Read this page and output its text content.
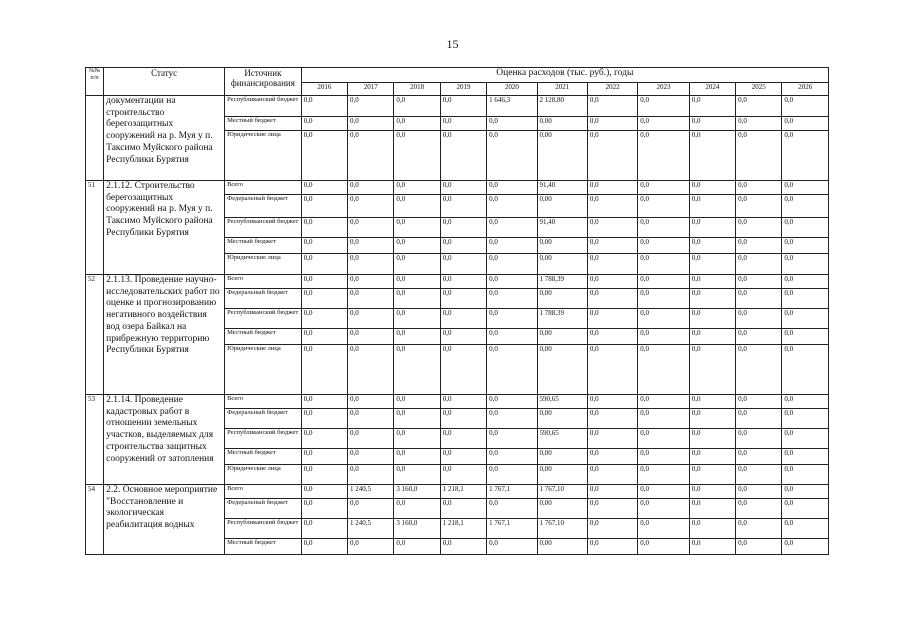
15
№№ п/п	Статус	Источник финансирования	Оценка расходов (тыс. руб.), годы										
			2016	2017	2018	2019	2020	2021	2022	2023	2024	2025	2026
	документации на строительство берегозащитных сооружений на р. Муя у п. Таксимо Муйского района Республики Бурятия	Республиканский бюджет	0,0	0,0	0,0	0,0	1 646,3	2 128,80	0,0	0,0	0,0	0,0	0,0
		Местный бюджет	0,0	0,0	0,0	0,0	0,0	0,00	0,0	0,0	0,0	0,0	0,0
		Юридические лица	0,0	0,0	0,0	0,0	0,0	0,00	0,0	0,0	0,0	0,0	0,0
51	2.1.12. Строительство берегозащитных сооружений на р. Муя у п. Таксимо Муйского района Республики Бурятия	Всего	0,0	0,0	0,0	0,0	0,0	91,40	0,0	0,0	0,0	0,0	0,0
		Федеральный бюджет	0,0	0,0	0,0	0,0	0,0	0,00	0,0	0,0	0,0	0,0	0,0
		Республиканский бюджет	0,0	0,0	0,0	0,0	0,0	91,40	0,0	0,0	0,0	0,0	0,0
		Местный бюджет	0,0	0,0	0,0	0,0	0,0	0,00	0,0	0,0	0,0	0,0	0,0
		Юридические лица	0,0	0,0	0,0	0,0	0,0	0,00	0,0	0,0	0,0	0,0	0,0
52	2.1.13. Проведение научно-исследовательских работ по оценке и прогнозированию негативного воздействия вод озера Байкал на прибрежную территорию Республики Бурятия	Всего	0,0	0,0	0,0	0,0	0,0	1 788,39	0,0	0,0	0,0	0,0	0,0
		Федеральный бюджет	0,0	0,0	0,0	0,0	0,0	0,00	0,0	0,0	0,0	0,0	0,0
		Республиканский бюджет	0,0	0,0	0,0	0,0	0,0	1 788,39	0,0	0,0	0,0	0,0	0,0
		Местный бюджет	0,0	0,0	0,0	0,0	0,0	0,00	0,0	0,0	0,0	0,0	0,0
		Юридические лица	0,0	0,0	0,0	0,0	0,0	0,00	0,0	0,0	0,0	0,0	0,0
53	2.1.14. Проведение кадастровых работ в отношении земельных участков, выделяемых для строительства защитных сооружений от затопления	Всего	0,0	0,0	0,0	0,0	0,0	590,65	0,0	0,0	0,0	0,0	0,0
		Федеральный бюджет	0,0	0,0	0,0	0,0	0,0	0,00	0,0	0,0	0,0	0,0	0,0
		Республиканский бюджет	0,0	0,0	0,0	0,0	0,0	590,65	0,0	0,0	0,0	0,0	0,0
		Местный бюджет	0,0	0,0	0,0	0,0	0,0	0,00	0,0	0,0	0,0	0,0	0,0
		Юридические лица	0,0	0,0	0,0	0,0	0,0	0,00	0,0	0,0	0,0	0,0	0,0
54	2.2. Основное мероприятие "Восстановление и экологическая реабилитация водных	Всего	0,0	1 240,5	3 160,0	1 218,1	1 767,1	1 767,10	0,0	0,0	0,0	0,0	0,0
		Федеральный бюджет	0,0	0,0	0,0	0,0	0,0	0,00	0,0	0,0	0,0	0,0	0,0
		Республиканский бюджет	0,0	1 240,5	3 160,0	1 218,1	1 767,1	1 767,10	0,0	0,0	0,0	0,0	0,0
		Местный бюджет	0,0	0,0	0,0	0,0	0,0	0,00	0,0	0,0	0,0	0,0	0,0
